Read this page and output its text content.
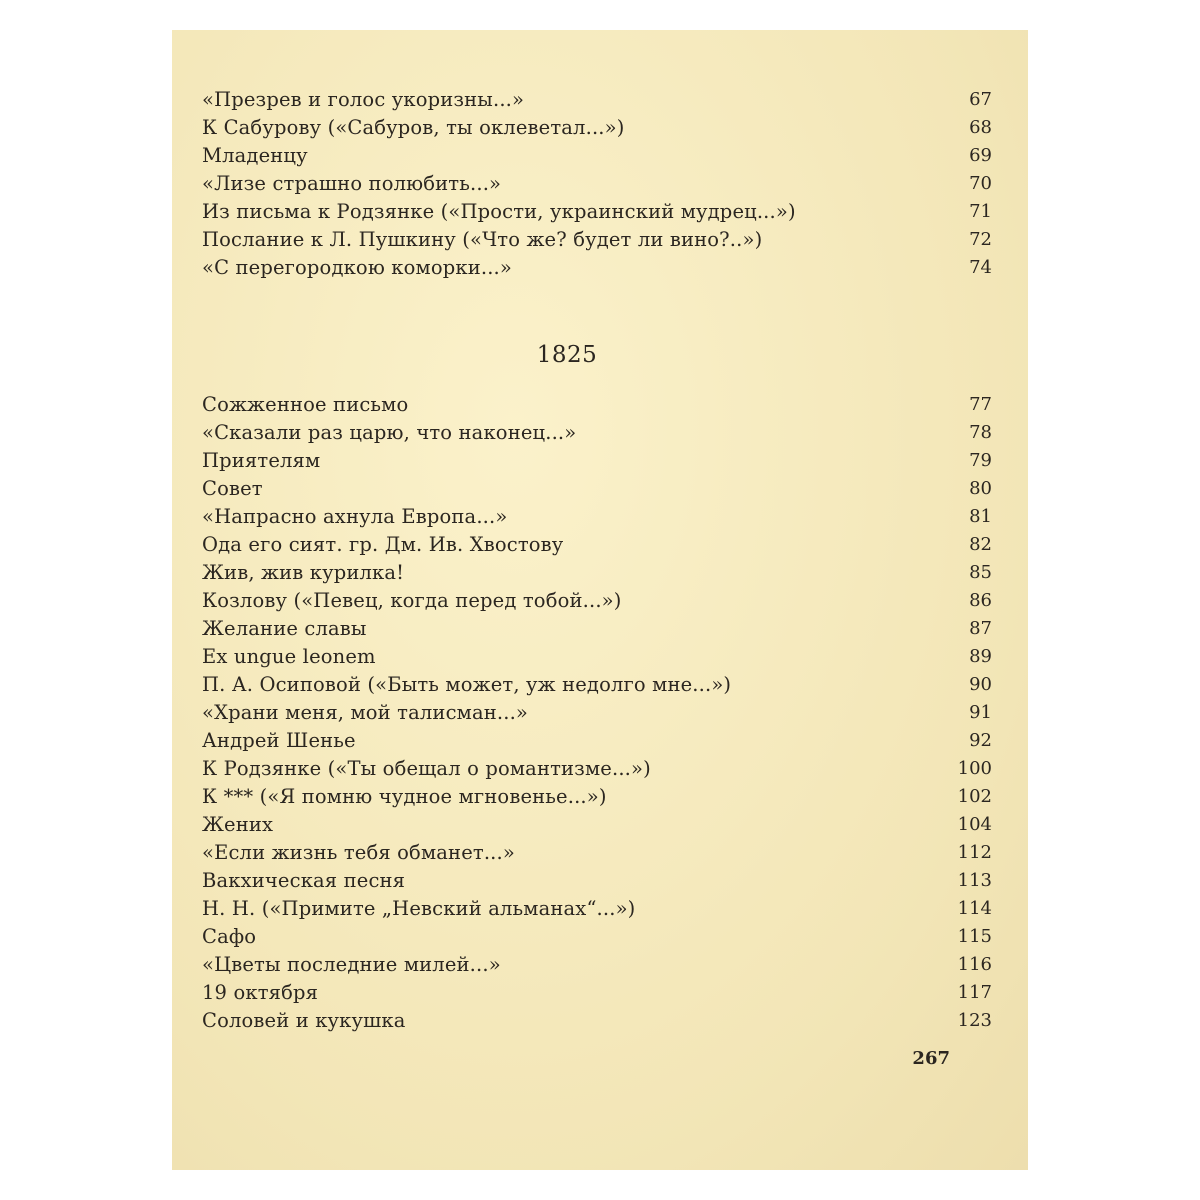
«Презрев и голос укоризны...»	67
К Сабурову («Сабуров, ты оклеветал...»)	68
Младенцу	69
«Лизе страшно полюбить...»	70
Из письма к Родзянке («Прости, украинский мудрец...»)	71
Послание к Л. Пушкину («Что же? будет ли вино?..»)	72
«С перегородкою коморки...»	74
1825
Сожженное письмо	77
«Сказали раз царю, что наконец...»	78
Приятелям	79
Совет	80
«Напрасно ахнула Европа...»	81
Ода его сият. гр. Дм. Ив. Хвостову	82
Жив, жив курилка!	85
Козлову («Певец, когда перед тобой...»)	86
Желание славы	87
Ex ungue leonem	89
П. А. Осиповой («Быть может, уж недолго мне...»)	90
«Храни меня, мой талисман...»	91
Андрей Шенье	92
К Родзянке («Ты обещал о романтизме...»)	100
К *** («Я помню чудное мгновенье...»)	102
Жених	104
«Если жизнь тебя обманет...»	112
Вакхическая песня	113
Н. Н. («Примите „Невский альманах“...»)	114
Сафо	115
«Цветы последние милей...»	116
19 октября	117
Соловей и кукушка	123
267
